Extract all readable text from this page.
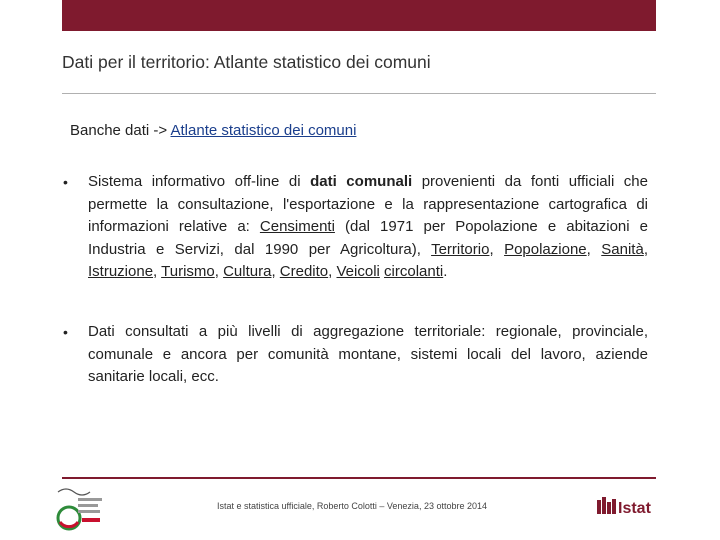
Dati per il territorio: Atlante statistico dei comuni
Banche dati -> Atlante statistico dei comuni
• Sistema informativo off-line di dati comunali provenienti da fonti ufficiali che permette la consultazione, l'esportazione e la rappresentazione cartografica di informazioni relative a: Censimenti (dal 1971 per Popolazione e abitazioni e Industria e Servizi, dal 1990 per Agricoltura), Territorio, Popolazione, Sanità, Istruzione, Turismo, Cultura, Credito, Veicoli circolanti.
• Dati consultati a più livelli di aggregazione territoriale: regionale, provinciale, comunale e ancora per comunità montane, sistemi locali del lavoro, aziende sanitarie locali, ecc.
Istat e statistica ufficiale, Roberto Colotti – Venezia, 23 ottobre 2014	Istat
